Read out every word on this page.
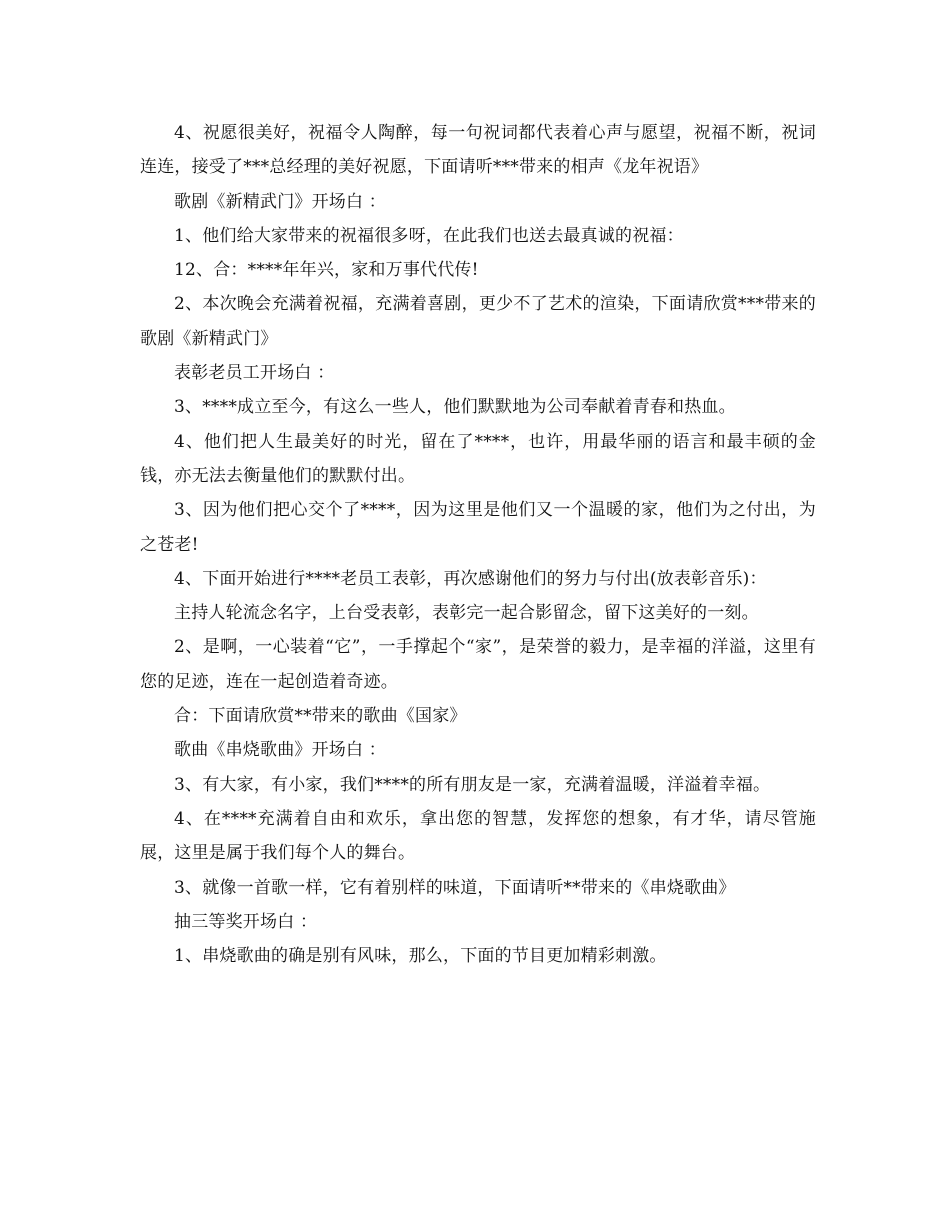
4、祝愿很美好，祝福令人陶醉，每一句祝词都代表着心声与愿望，祝福不断，祝词连连，接受了***总经理的美好祝愿，下面请听***带来的相声《龙年祝语》

歌剧《新精武门》开场白 ：

1、他们给大家带来的祝福很多呀，在此我们也送去最真诚的祝福：

12、合：****年年兴，家和万事代代传!

2、本次晚会充满着祝福，充满着喜剧，更少不了艺术的渲染，下面请欣赏***带来的歌剧《新精武门》

表彰老员工开场白 ：

3、****成立至今，有这么一些人，他们默默地为公司奉献着青春和热血。

4、他们把人生最美好的时光，留在了****，也许，用最华丽的语言和最丰硕的金钱，亦无法去衡量他们的默默付出。

3、因为他们把心交个了****，因为这里是他们又一个温暖的家，他们为之付出，为之苍老!

4、下面开始进行****老员工表彰，再次感谢他们的努力与付出(放表彰音乐)：

主持人轮流念名字，上台受表彰，表彰完一起合影留念，留下这美好的一刻。

2、是啊，一心装着“它”，一手撑起个“家”，是荣誉的毅力，是幸福的洋溢，这里有您的足迹，连在一起创造着奇迹。

合：下面请欣赏**带来的歌曲《国家》

歌曲《串烧歌曲》开场白 ：

3、有大家，有小家，我们****的所有朋友是一家，充满着温暖，洋溢着幸福。

4、在****充满着自由和欢乐，拿出您的智慧，发挥您的想象，有才华，请尽管施展，这里是属于我们每个人的舞台。

3、就像一首歌一样，它有着别样的味道，下面请听**带来的《串烧歌曲》

抽三等奖开场白 ：

1、串烧歌曲的确是别有风味，那么，下面的节目更加精彩刺激。
